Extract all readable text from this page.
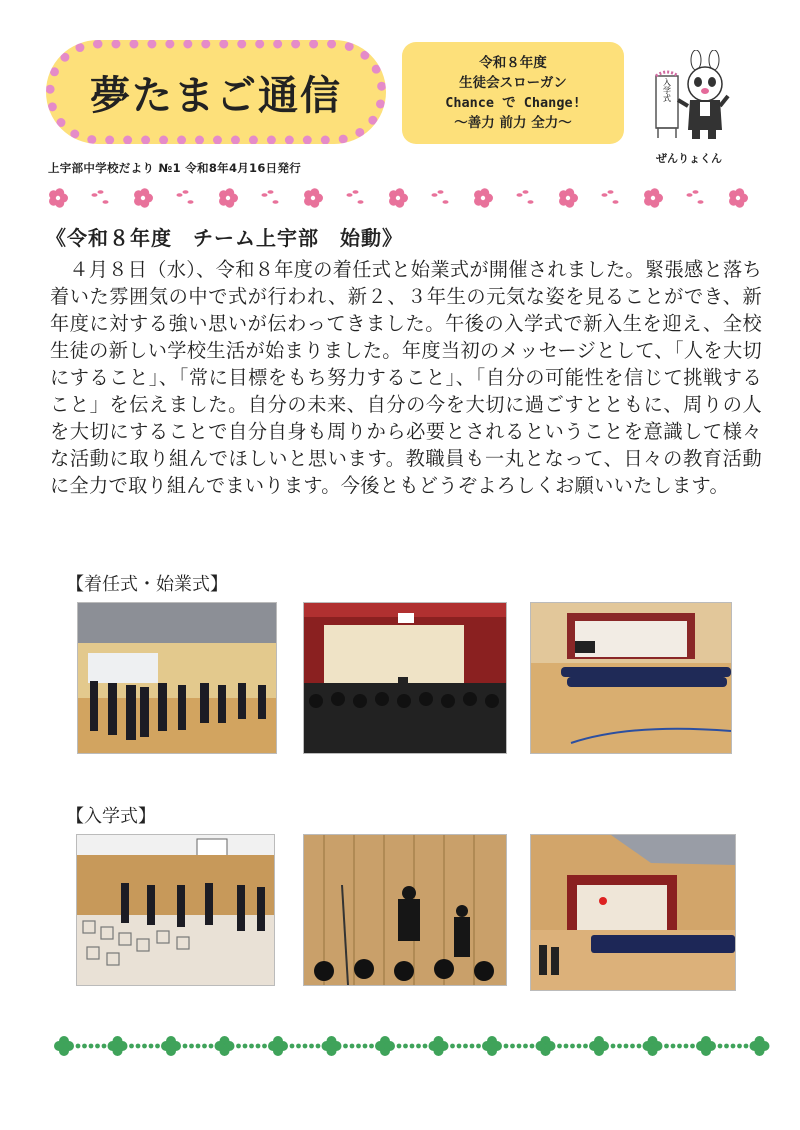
夢たまご通信
令和８年度
生徒会スローガン
Chance で Change!
〜善力 前力 全力〜
入学式
ぜんりょくん
上宇部中学校だより №1 令和8年4月16日発行
《令和８年度　チーム上宇部　始動》

４月８日（水）、令和８年度の着任式と始業式が開催されました。緊張感と落ち着いた雰囲気の中で式が行われ、新２、３年生の元気な姿を見ることができ、新年度に対する強い思いが伝わってきました。午後の入学式で新入生を迎え、全校生徒の新しい学校生活が始まりました。年度当初のメッセージとして、「人を大切にすること」、「常に目標をもち努力すること」、「自分の可能性を信じて挑戦すること」を伝えました。自分の未来、自分の今を大切に過ごすとともに、周りの人を大切にすることで自分自身も周りから必要とされるということを意識して様々な活動に取り組んでほしいと思います。教職員も一丸となって、日々の教育活動に全力で取り組んでまいります。今後ともどうぞよろしくお願いいたします。

【着任式・始業式】
【入学式】
